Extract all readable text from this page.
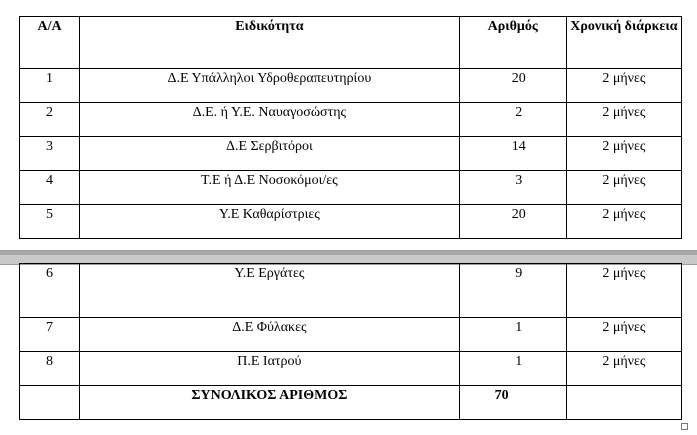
Α/Α	Ειδικότητα	Αριθμός	Χρονική διάρκεια
1	Δ.Ε Υπάλληλοι Υδροθεραπευτηρίου	20	2 μήνες
2	Δ.Ε. ή Υ.Ε. Ναυαγοσώστης	2	2 μήνες
3	Δ.Ε Σερβιτόροι	14	2 μήνες
4	Τ.Ε ή Δ.Ε Νοσοκόμοι/ες	3	2 μήνες
5	Υ.Ε Καθαρίστριες	20	2 μήνες
6	Υ.Ε Εργάτες	9	2 μήνες
7	Δ.Ε Φύλακες	1	2 μήνες
8	Π.Ε Ιατρού	1	2 μήνες
	ΣΥΝΟΛΙΚΟΣ ΑΡΙΘΜΟΣ	70	
